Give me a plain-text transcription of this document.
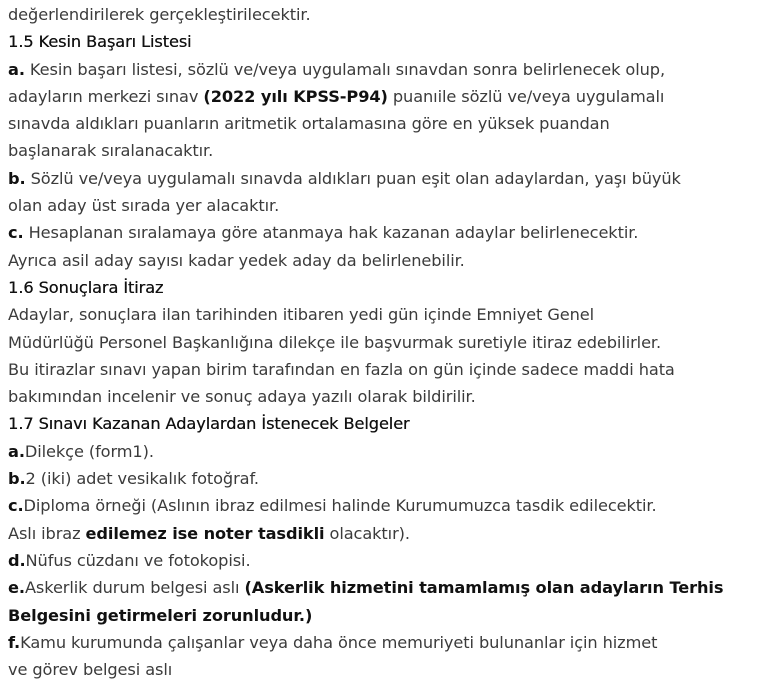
değerlendirilerek gerçekleştirilecektir.
1.5 Kesin Başarı Listesi
a. Kesin başarı listesi, sözlü ve/veya uygulamalı sınavdan sonra belirlenecek olup,
adayların merkezi sınav (2022 yılı KPSS-P94) puanıile sözlü ve/veya uygulamalı
sınavda aldıkları puanların aritmetik ortalamasına göre en yüksek puandan
başlanarak sıralanacaktır.
b. Sözlü ve/veya uygulamalı sınavda aldıkları puan eşit olan adaylardan, yaşı büyük
olan aday üst sırada yer alacaktır.
c. Hesaplanan sıralamaya göre atanmaya hak kazanan adaylar belirlenecektir.
Ayrıca asil aday sayısı kadar yedek aday da belirlenebilir.
1.6 Sonuçlara İtiraz
Adaylar, sonuçlara ilan tarihinden itibaren yedi gün içinde Emniyet Genel
Müdürlüğü Personel Başkanlığına dilekçe ile başvurmak suretiyle itiraz edebilirler.
Bu itirazlar sınavı yapan birim tarafından en fazla on gün içinde sadece maddi hata
bakımından incelenir ve sonuç adaya yazılı olarak bildirilir.
1.7 Sınavı Kazanan Adaylardan İstenecek Belgeler
a.Dilekçe (form1).
b.2 (iki) adet vesikalık fotoğraf.
c.Diploma örneği (Aslının ibraz edilmesi halinde Kurumumuzca tasdik edilecektir.
Aslı ibraz edilemez ise noter tasdikli olacaktır).
d.Nüfus cüzdanı ve fotokopisi.
e.Askerlik durum belgesi aslı (Askerlik hizmetini tamamlamış olan adayların Terhis
Belgesini getirmeleri zorunludur.)
f.Kamu kurumunda çalışanlar veya daha önce memuriyeti bulunanlar için hizmet
ve görev belgesi aslı
